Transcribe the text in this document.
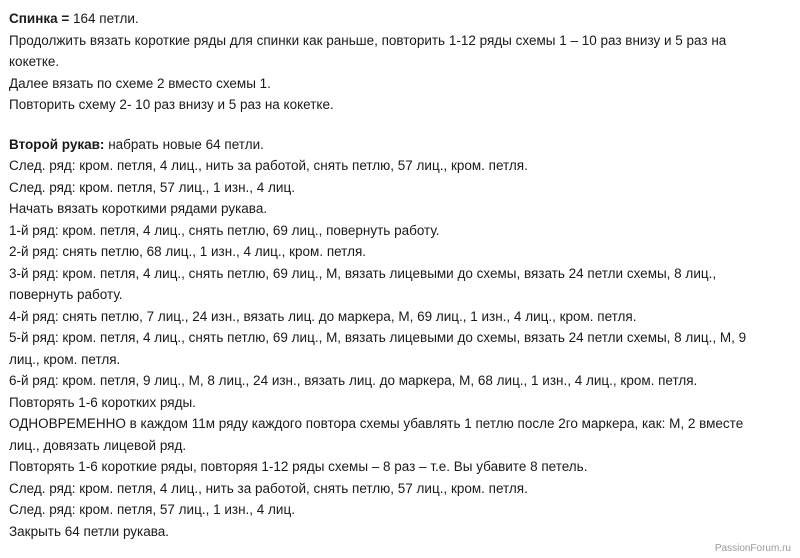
Спинка = 164 петли.
Продолжить вязать короткие ряды для спинки как раньше, повторить 1-12 ряды схемы 1 – 10 раз внизу и 5 раз на
кокетке.
Далее вязать по схеме 2 вместо схемы 1.
Повторить схему 2- 10 раз внизу и 5 раз на кокетке.
Второй рукав: набрать новые 64 петли.
След. ряд: кром. петля, 4 лиц., нить за работой, снять петлю, 57 лиц., кром. петля.
След. ряд: кром. петля, 57 лиц., 1 изн., 4 лиц.
Начать вязать короткими рядами рукава.
1-й ряд: кром. петля, 4 лиц., снять петлю, 69 лиц., повернуть работу.
2-й ряд: снять петлю, 68 лиц., 1 изн., 4 лиц., кром. петля.
3-й ряд: кром. петля, 4 лиц., снять петлю, 69 лиц., М, вязать лицевыми до схемы, вязать 24 петли схемы, 8 лиц.,
повернуть работу.
4-й ряд: снять петлю, 7 лиц., 24 изн., вязать лиц. до маркера, М, 69 лиц., 1 изн., 4 лиц., кром. петля.
5-й ряд: кром. петля, 4 лиц., снять петлю, 69 лиц., М, вязать лицевыми до схемы, вязать 24 петли схемы, 8 лиц., М, 9
лиц., кром. петля.
6-й ряд: кром. петля, 9 лиц., М, 8 лиц., 24 изн., вязать лиц. до маркера, М, 68 лиц., 1 изн., 4 лиц., кром. петля.
Повторять 1-6 коротких ряды.
ОДНОВРЕМЕННО в каждом 11м ряду каждого повтора схемы убавлять 1 петлю после 2го маркера, как: М, 2 вместе
лиц., довязать лицевой ряд.
Повторять 1-6 короткие ряды, повторяя 1-12 ряды схемы – 8 раз – т.е. Вы убавите 8 петель.
След. ряд: кром. петля, 4 лиц., нить за работой, снять петлю, 57 лиц., кром. петля.
След. ряд: кром. петля, 57 лиц., 1 изн., 4 лиц.
Закрыть 64 петли рукава.
PassionForum.ru
